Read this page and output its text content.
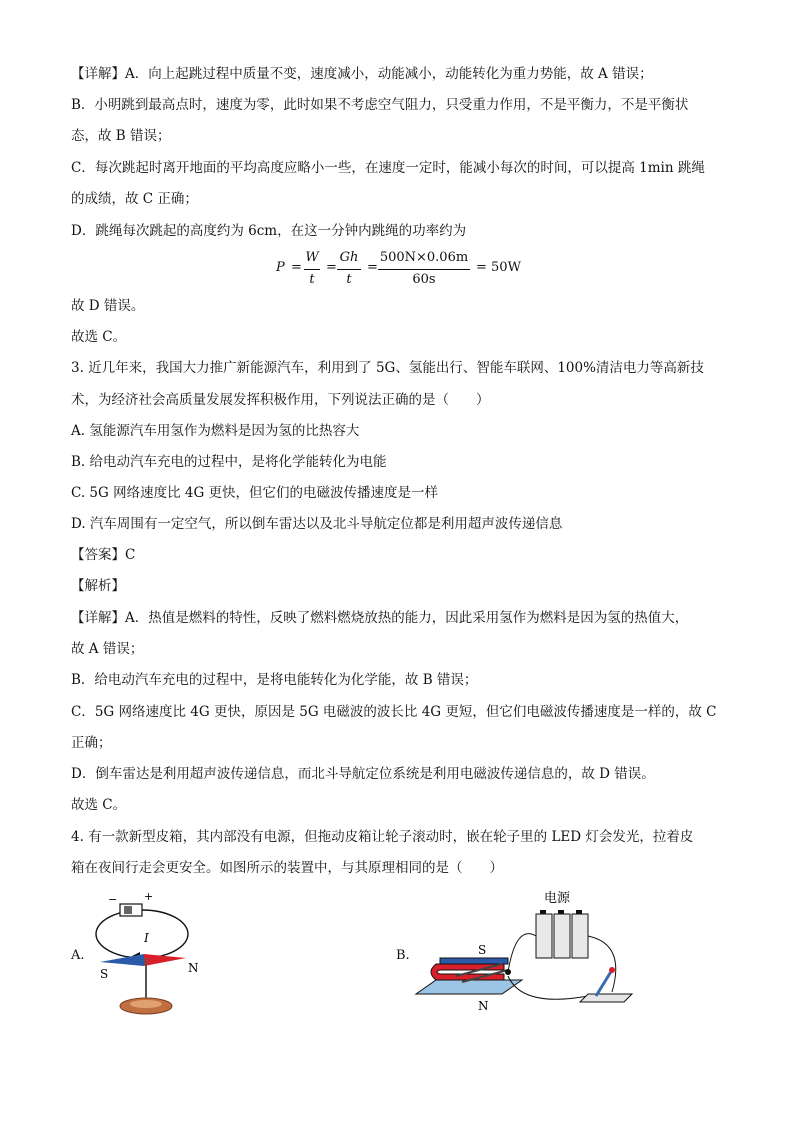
【详解】A．向上起跳过程中质量不变，速度减小，动能减小，动能转化为重力势能，故 A 错误；
B．小明跳到最高点时，速度为零，此时如果不考虑空气阻力，只受重力作用，不是平衡力，不是平衡状
态，故 B 错误；
C．每次跳起时离开地面的平均高度应略小一些，在速度一定时，能减小每次的时间，可以提高 1min 跳绳
的成绩，故 C 正确；
D．跳绳每次跳起的高度约为 6cm，在这一分钟内跳绳的功率约为
P =
W
t
=
Gh
t
=
500N×0.06m
60s
= 50W
故 D 错误。
故选 C。
3. 近几年来，我国大力推广新能源汽车，利用到了 5G、氢能出行、智能车联网、100%清洁电力等高新技
术，为经济社会高质量发展发挥积极作用，下列说法正确的是（　　）
A. 氢能源汽车用氢作为燃料是因为氢的比热容大
B. 给电动汽车充电的过程中，是将化学能转化为电能
C. 5G 网络速度比 4G 更快，但它们的电磁波传播速度是一样
D. 汽车周围有一定空气，所以倒车雷达以及北斗导航定位都是利用超声波传递信息
【答案】C
【解析】
【详解】A．热值是燃料的特性，反映了燃料燃烧放热的能力，因此采用氢作为燃料是因为氢的热值大，
故 A 错误；
B．给电动汽车充电的过程中，是将电能转化为化学能，故 B 错误；
C．5G 网络速度比 4G 更快，原因是 5G 电磁波的波长比 4G 更短，但它们电磁波传播速度是一样的，故 C
正确；
D．倒车雷达是利用超声波传递信息，而北斗导航定位系统是利用电磁波传递信息的，故 D 错误。
故选 C。
4. 有一款新型皮箱，其内部没有电源，但拖动皮箱让轮子滚动时，嵌在轮子里的 LED 灯会发光，拉着皮
箱在夜间行走会更安全。如图所示的装置中，与其原理相同的是（　　）
A.
− +
I
S	N
B.
电源
S
N
